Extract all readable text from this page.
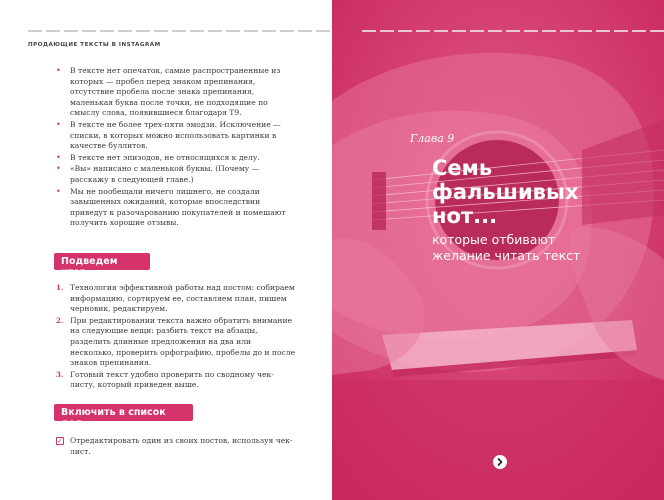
ПРОДАЮЩИЕ ТЕКСТЫ В INSTAGRAM
• В тексте нет опечаток, самые распространенные из которых — пробел перед знаком препинания, отсутствие пробела после знака препинания, маленькая буква после точки, не подходящие по смыслу слова, появившиеся благодаря Т9.
• В тексте не более трех-пяти эмодзи. Исключение — списки, в которых можно использовать картинки в качестве буллитов.
• В тексте нет эпизодов, не относящихся к делу.
• «Вы» написано с маленькой буквы. (Почему — расскажу в следующей главе.)
• Мы не пообещали ничего лишнего, не создали завышенных ожиданий, которые впоследствии приведут к разочарованию покупателей и помешают получить хорошие отзывы.
Подведем итог
1. Технология эффективной работы над постом: собираем информацию, сортируем ее, составляем план, пишем черновик, редактируем.
2. При редактировании текста важно обратить внимание на следующие вещи: разбить текст на абзацы, разделить длинные предложения на два или несколько, проверить орфографию, пробелы до и после знаков препинания.
3. Готовый текст удобно проверить по сводному чек-листу, который приведен выше.
Включить в список дел
✓ Отредактировать один из своих постов, используя чек-лист.
Глава 9
Семь
фальшивых
нот...
которые отбивают
желание читать текст
